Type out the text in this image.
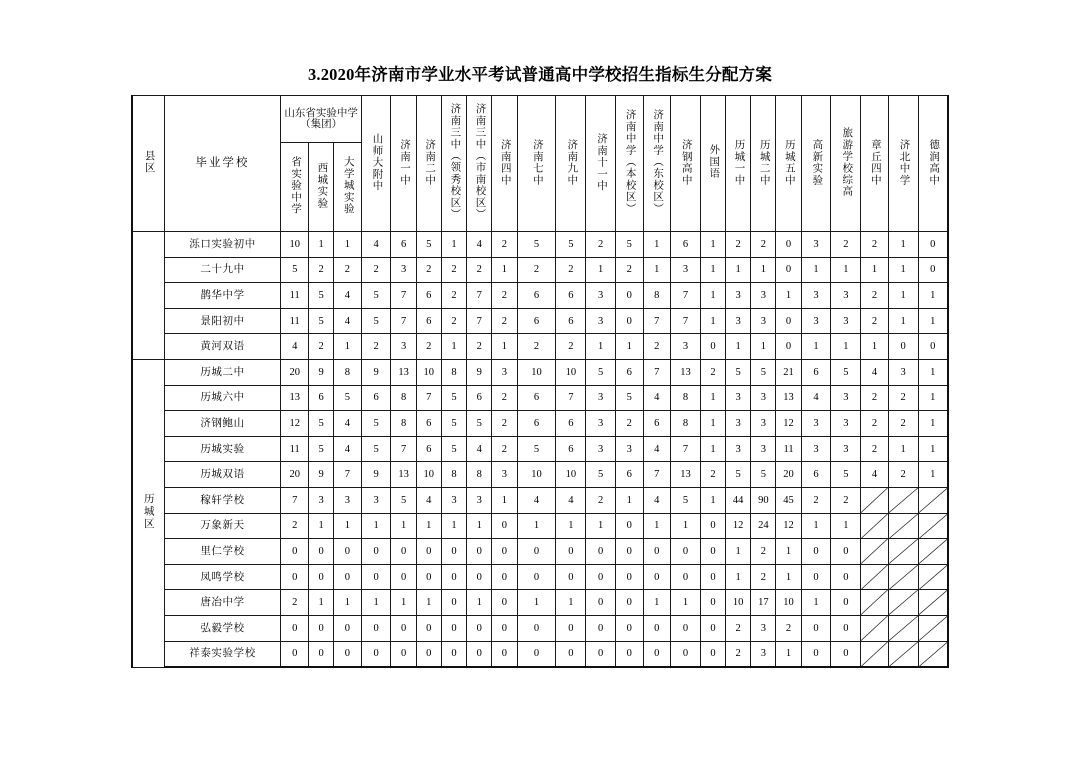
3.2020年济南市学业水平考试普通高中学校招生指标生分配方案
县区	毕业学校	山东省实验中学（集团）			山师大附中	济南一中	济南二中	济南三中（领秀校区）	济南三中（市南校区）	济南四中	济南七中	济南九中	济南十一中	济南中学（本校区）	济南中学（东校区）	济钢高中	外国语	历城一中	历城二中	历城五中	高新实验	旅游学校综高	章丘四中	济北中学	德润高中
		省实验中学	西城实验	大学城实验																					
	泺口实验初中	10	1	1	4	6	5	1	4	2	5	5	2	5	1	6	1	2	2	0	3	2	2	1	0
	二十九中	5	2	2	2	3	2	2	2	1	2	2	1	2	1	3	1	1	1	0	1	1	1	1	0
	鹊华中学	11	5	4	5	7	6	2	7	2	6	6	3	0	8	7	1	3	3	1	3	3	2	1	1
	景阳初中	11	5	4	5	7	6	2	7	2	6	6	3	0	7	7	1	3	3	0	3	3	2	1	1
	黄河双语	4	2	1	2	3	2	1	2	1	2	2	1	1	2	3	0	1	1	0	1	1	1	0	0
历城区	历城二中	20	9	8	9	13	10	8	9	3	10	10	5	6	7	13	2	5	5	21	6	5	4	3	1
	历城六中	13	6	5	6	8	7	5	6	2	6	7	3	5	4	8	1	3	3	13	4	3	2	2	1
	济钢鲍山	12	5	4	5	8	6	5	5	2	6	6	3	2	6	8	1	3	3	12	3	3	2	2	1
	历城实验	11	5	4	5	7	6	5	4	2	5	6	3	3	4	7	1	3	3	11	3	3	2	1	1
	历城双语	20	9	7	9	13	10	8	8	3	10	10	5	6	7	13	2	5	5	20	6	5	4	2	1
	稼轩学校	7	3	3	3	5	4	3	3	1	4	4	2	1	4	5	1	44	90	45	2	2	

	万象新天	2	1	1	1	1	1	1	1	0	1	1	1	0	1	1	0	12	24	12	1	1	

	里仁学校	0	0	0	0	0	0	0	0	0	0	0	0	0	0	0	0	1	2	1	0	0	

	凤鸣学校	0	0	0	0	0	0	0	0	0	0	0	0	0	0	0	0	1	2	1	0	0	

	唐冶中学	2	1	1	1	1	1	0	1	0	1	1	0	0	1	1	0	10	17	10	1	0	

	弘毅学校	0	0	0	0	0	0	0	0	0	0	0	0	0	0	0	0	2	3	2	0	0	

	祥泰实验学校	0	0	0	0	0	0	0	0	0	0	0	0	0	0	0	0	2	3	1	0	0	
